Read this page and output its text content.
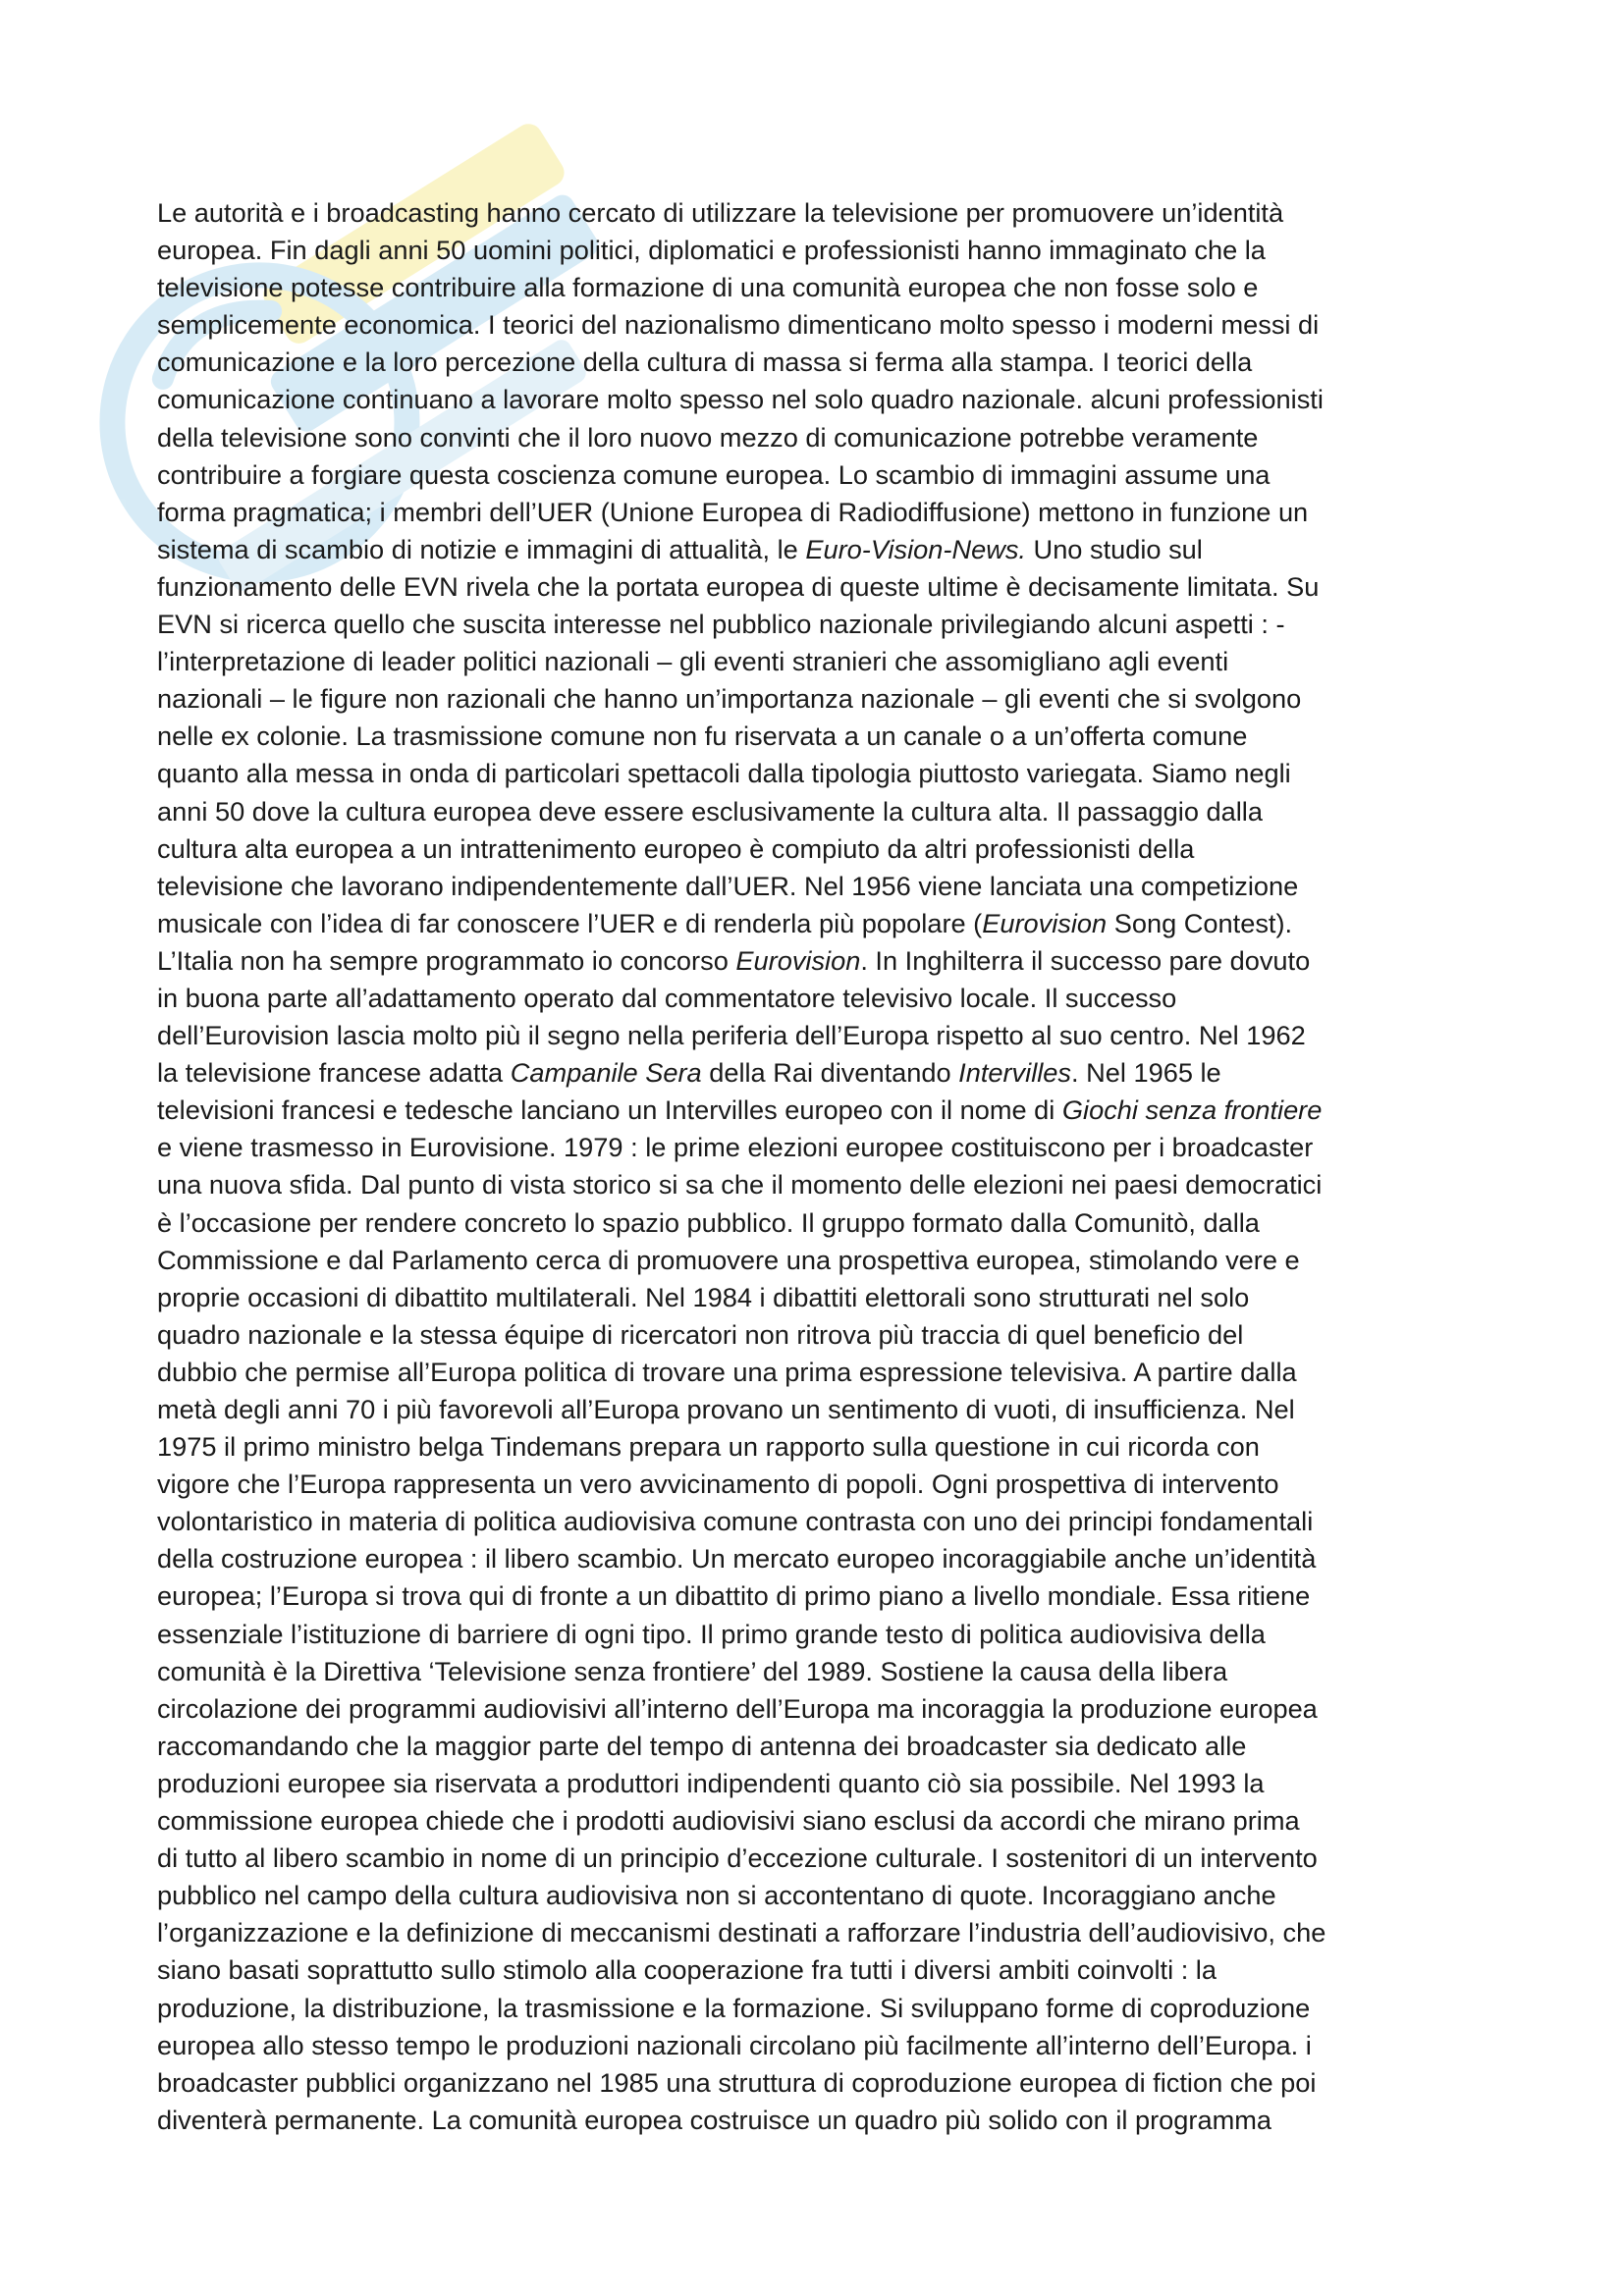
Le autorità e i broadcasting hanno cercato di utilizzare la televisione per promuovere un’identità
europea. Fin dagli anni 50 uomini politici, diplomatici e professionisti hanno immaginato che la
televisione potesse contribuire alla formazione di una comunità europea che non fosse solo e
semplicemente economica. I teorici del nazionalismo dimenticano molto spesso i moderni messi di
comunicazione e la loro percezione della cultura di massa si ferma alla stampa. I teorici della
comunicazione continuano a lavorare molto spesso nel solo quadro nazionale. alcuni professionisti
della televisione sono convinti che il loro nuovo mezzo di comunicazione potrebbe veramente
contribuire a forgiare questa coscienza comune europea. Lo scambio di immagini assume una
forma pragmatica; i membri dell’UER (Unione Europea di Radiodiffusione) mettono in funzione un
sistema di scambio di notizie e immagini di attualità, le Euro-Vision-News. Uno studio sul
funzionamento delle EVN rivela che la portata europea di queste ultime è decisamente limitata. Su
EVN si ricerca quello che suscita interesse nel pubblico nazionale privilegiando alcuni aspetti : -
l’interpretazione di leader politici nazionali – gli eventi stranieri che assomigliano agli eventi
nazionali – le figure non razionali che hanno un’importanza nazionale – gli eventi che si svolgono
nelle ex colonie. La trasmissione comune non fu riservata a un canale o a un’offerta comune
quanto alla messa in onda di particolari spettacoli dalla tipologia piuttosto variegata. Siamo negli
anni 50 dove la cultura europea deve essere esclusivamente la cultura alta. Il passaggio dalla
cultura alta europea a un intrattenimento europeo è compiuto da altri professionisti della
televisione che lavorano indipendentemente dall’UER. Nel 1956 viene lanciata una competizione
musicale con l’idea di far conoscere l’UER e di renderla più popolare (Eurovision Song Contest).
L’Italia non ha sempre programmato io concorso Eurovision. In Inghilterra il successo pare dovuto
in buona parte all’adattamento operato dal commentatore televisivo locale. Il successo
dell’Eurovision lascia molto più il segno nella periferia dell’Europa rispetto al suo centro. Nel 1962
la televisione francese adatta Campanile Sera della Rai diventando Intervilles. Nel 1965 le
televisioni francesi e tedesche lanciano un Intervilles europeo con il nome di Giochi senza frontiere
e viene trasmesso in Eurovisione. 1979 : le prime elezioni europee costituiscono per i broadcaster
una nuova sfida. Dal punto di vista storico si sa che il momento delle elezioni nei paesi democratici
è l’occasione per rendere concreto lo spazio pubblico. Il gruppo formato dalla Comunitò, dalla
Commissione e dal Parlamento cerca di promuovere una prospettiva europea, stimolando vere e
proprie occasioni di dibattito multilaterali. Nel 1984 i dibattiti elettorali sono strutturati nel solo
quadro nazionale e la stessa équipe di ricercatori non ritrova più traccia di quel beneficio del
dubbio che permise all’Europa politica di trovare una prima espressione televisiva. A partire dalla
metà degli anni 70 i più favorevoli all’Europa provano un sentimento di vuoti, di insufficienza. Nel
1975 il primo ministro belga Tindemans prepara un rapporto sulla questione in cui ricorda con
vigore che l’Europa rappresenta un vero avvicinamento di popoli. Ogni prospettiva di intervento
volontaristico in materia di politica audiovisiva comune contrasta con uno dei principi fondamentali
della costruzione europea : il libero scambio. Un mercato europeo incoraggiabile anche un’identità
europea; l’Europa si trova qui di fronte a un dibattito di primo piano a livello mondiale. Essa ritiene
essenziale l’istituzione di barriere di ogni tipo. Il primo grande testo di politica audiovisiva della
comunità è la Direttiva ‘Televisione senza frontiere’ del 1989. Sostiene la causa della libera
circolazione dei programmi audiovisivi all’interno dell’Europa ma incoraggia la produzione europea
raccomandando che la maggior parte del tempo di antenna dei broadcaster sia dedicato alle
produzioni europee sia riservata a produttori indipendenti quanto ciò sia possibile. Nel 1993 la
commissione europea chiede che i prodotti audiovisivi siano esclusi da accordi che mirano prima
di tutto al libero scambio in nome di un principio d’eccezione culturale. I sostenitori di un intervento
pubblico nel campo della cultura audiovisiva non si accontentano di quote. Incoraggiano anche
l’organizzazione e la definizione di meccanismi destinati a rafforzare l’industria dell’audiovisivo, che
siano basati soprattutto sullo stimolo alla cooperazione fra tutti i diversi ambiti coinvolti : la
produzione, la distribuzione, la trasmissione e la formazione. Si sviluppano forme di coproduzione
europea allo stesso tempo le produzioni nazionali circolano più facilmente all’interno dell’Europa. i
broadcaster pubblici organizzano nel 1985 una struttura di coproduzione europea di fiction che poi
diventerà permanente. La comunità europea costruisce un quadro più solido con il programma
